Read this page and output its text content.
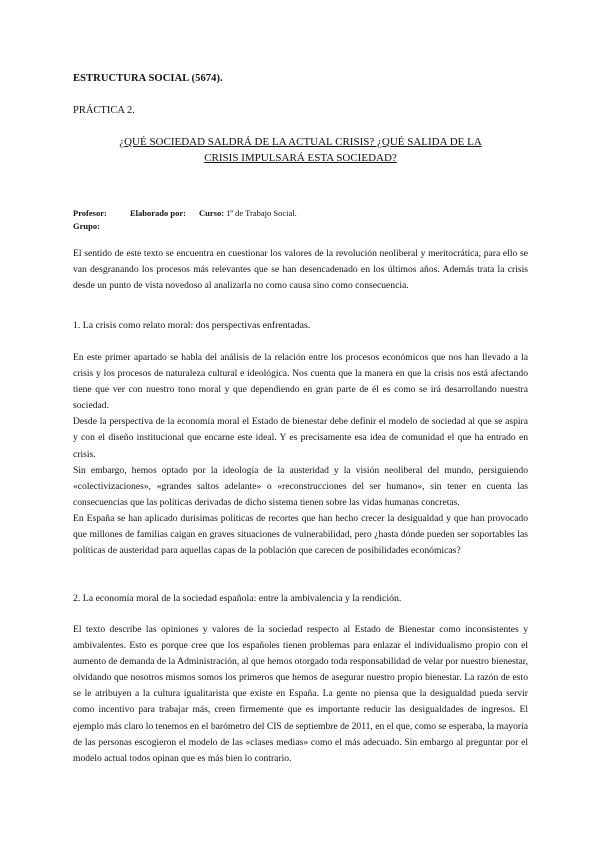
ESTRUCTURA SOCIAL (5674).

PRÁCTICA 2.

¿QUÉ SOCIEDAD SALDRÁ DE LA ACTUAL CRISIS? ¿QUÉ SALIDA DE LA
CRISIS IMPULSARÁ ESTA SOCIEDAD?
Profesor:	Elaborado por: Curso: 1º de Trabajo Social.
Grupo:

El sentido de este texto se encuentra en cuestionar los valores de la revolución neoliberal y meritocrática, para ello se van desgranando los procesos más relevantes que se han desencadenado en los últimos años. Además trata la crisis desde un punto de vista novedoso al analizarla no como causa sino como consecuencia.

1. La crisis como relato moral: dos perspectivas enfrentadas.

En este primer apartado se habla del análisis de la relación entre los procesos económicos que nos han llevado a la crisis y los procesos de naturaleza cultural e ideológica. Nos cuenta que la manera en que la crisis nos está afectando tiene que ver con nuestro tono moral y que dependiendo en gran parte de él es como se irá desarrollando nuestra sociedad.
Desde la perspectiva de la economía moral el Estado de bienestar debe definir el modelo de sociedad al que se aspira y con el diseño institucional que encarne este ideal. Y es precisamente esa idea de comunidad el que ha entrado en crisis.
Sin embargo, hemos optado por la ideología de la austeridad y la visión neoliberal del mundo, persiguiendo «colectivizaciones», «grandes saltos adelante» o «reconstrucciones del ser humano», sin tener en cuenta las consecuencias que las políticas derivadas de dicho sistema tienen sobre las vidas humanas concretas.
En España se han aplicado durísimas políticas de recortes que han hecho crecer la desigualdad y que han provocado que millones de familias caigan en graves situaciones de vulnerabilidad, pero ¿hasta dónde pueden ser soportables las políticas de austeridad para aquellas capas de la población que carecen de posibilidades económicas?

2. La economía moral de la sociedad española: entre la ambivalencia y la rendición.

El texto describe las opiniones y valores de la sociedad respecto al Estado de Bienestar como inconsistentes y ambivalentes. Esto es porque cree que los españoles tienen problemas para enlazar el individualismo propio con el aumento de demanda de la Administración, al que hemos otorgado toda responsabilidad de velar por nuestro bienestar, olvidando que nosotros mismos somos los primeros que hemos de asegurar nuestro propio bienestar. La razón de esto se le atribuyen a la cultura igualitarista que existe en España. La gente no piensa que la desigualdad pueda servir como incentivo para trabajar más, creen firmemente que es importante reducir las desigualdades de ingresos. El ejemplo más claro lo tenemos en el barómetro del CIS de septiembre de 2011, en el que, como se esperaba, la mayoría de las personas escogieron el modelo de las «clases medias» como el más adecuado. Sin embargo al preguntar por el modelo actual todos opinan que es más bien lo contrario.
